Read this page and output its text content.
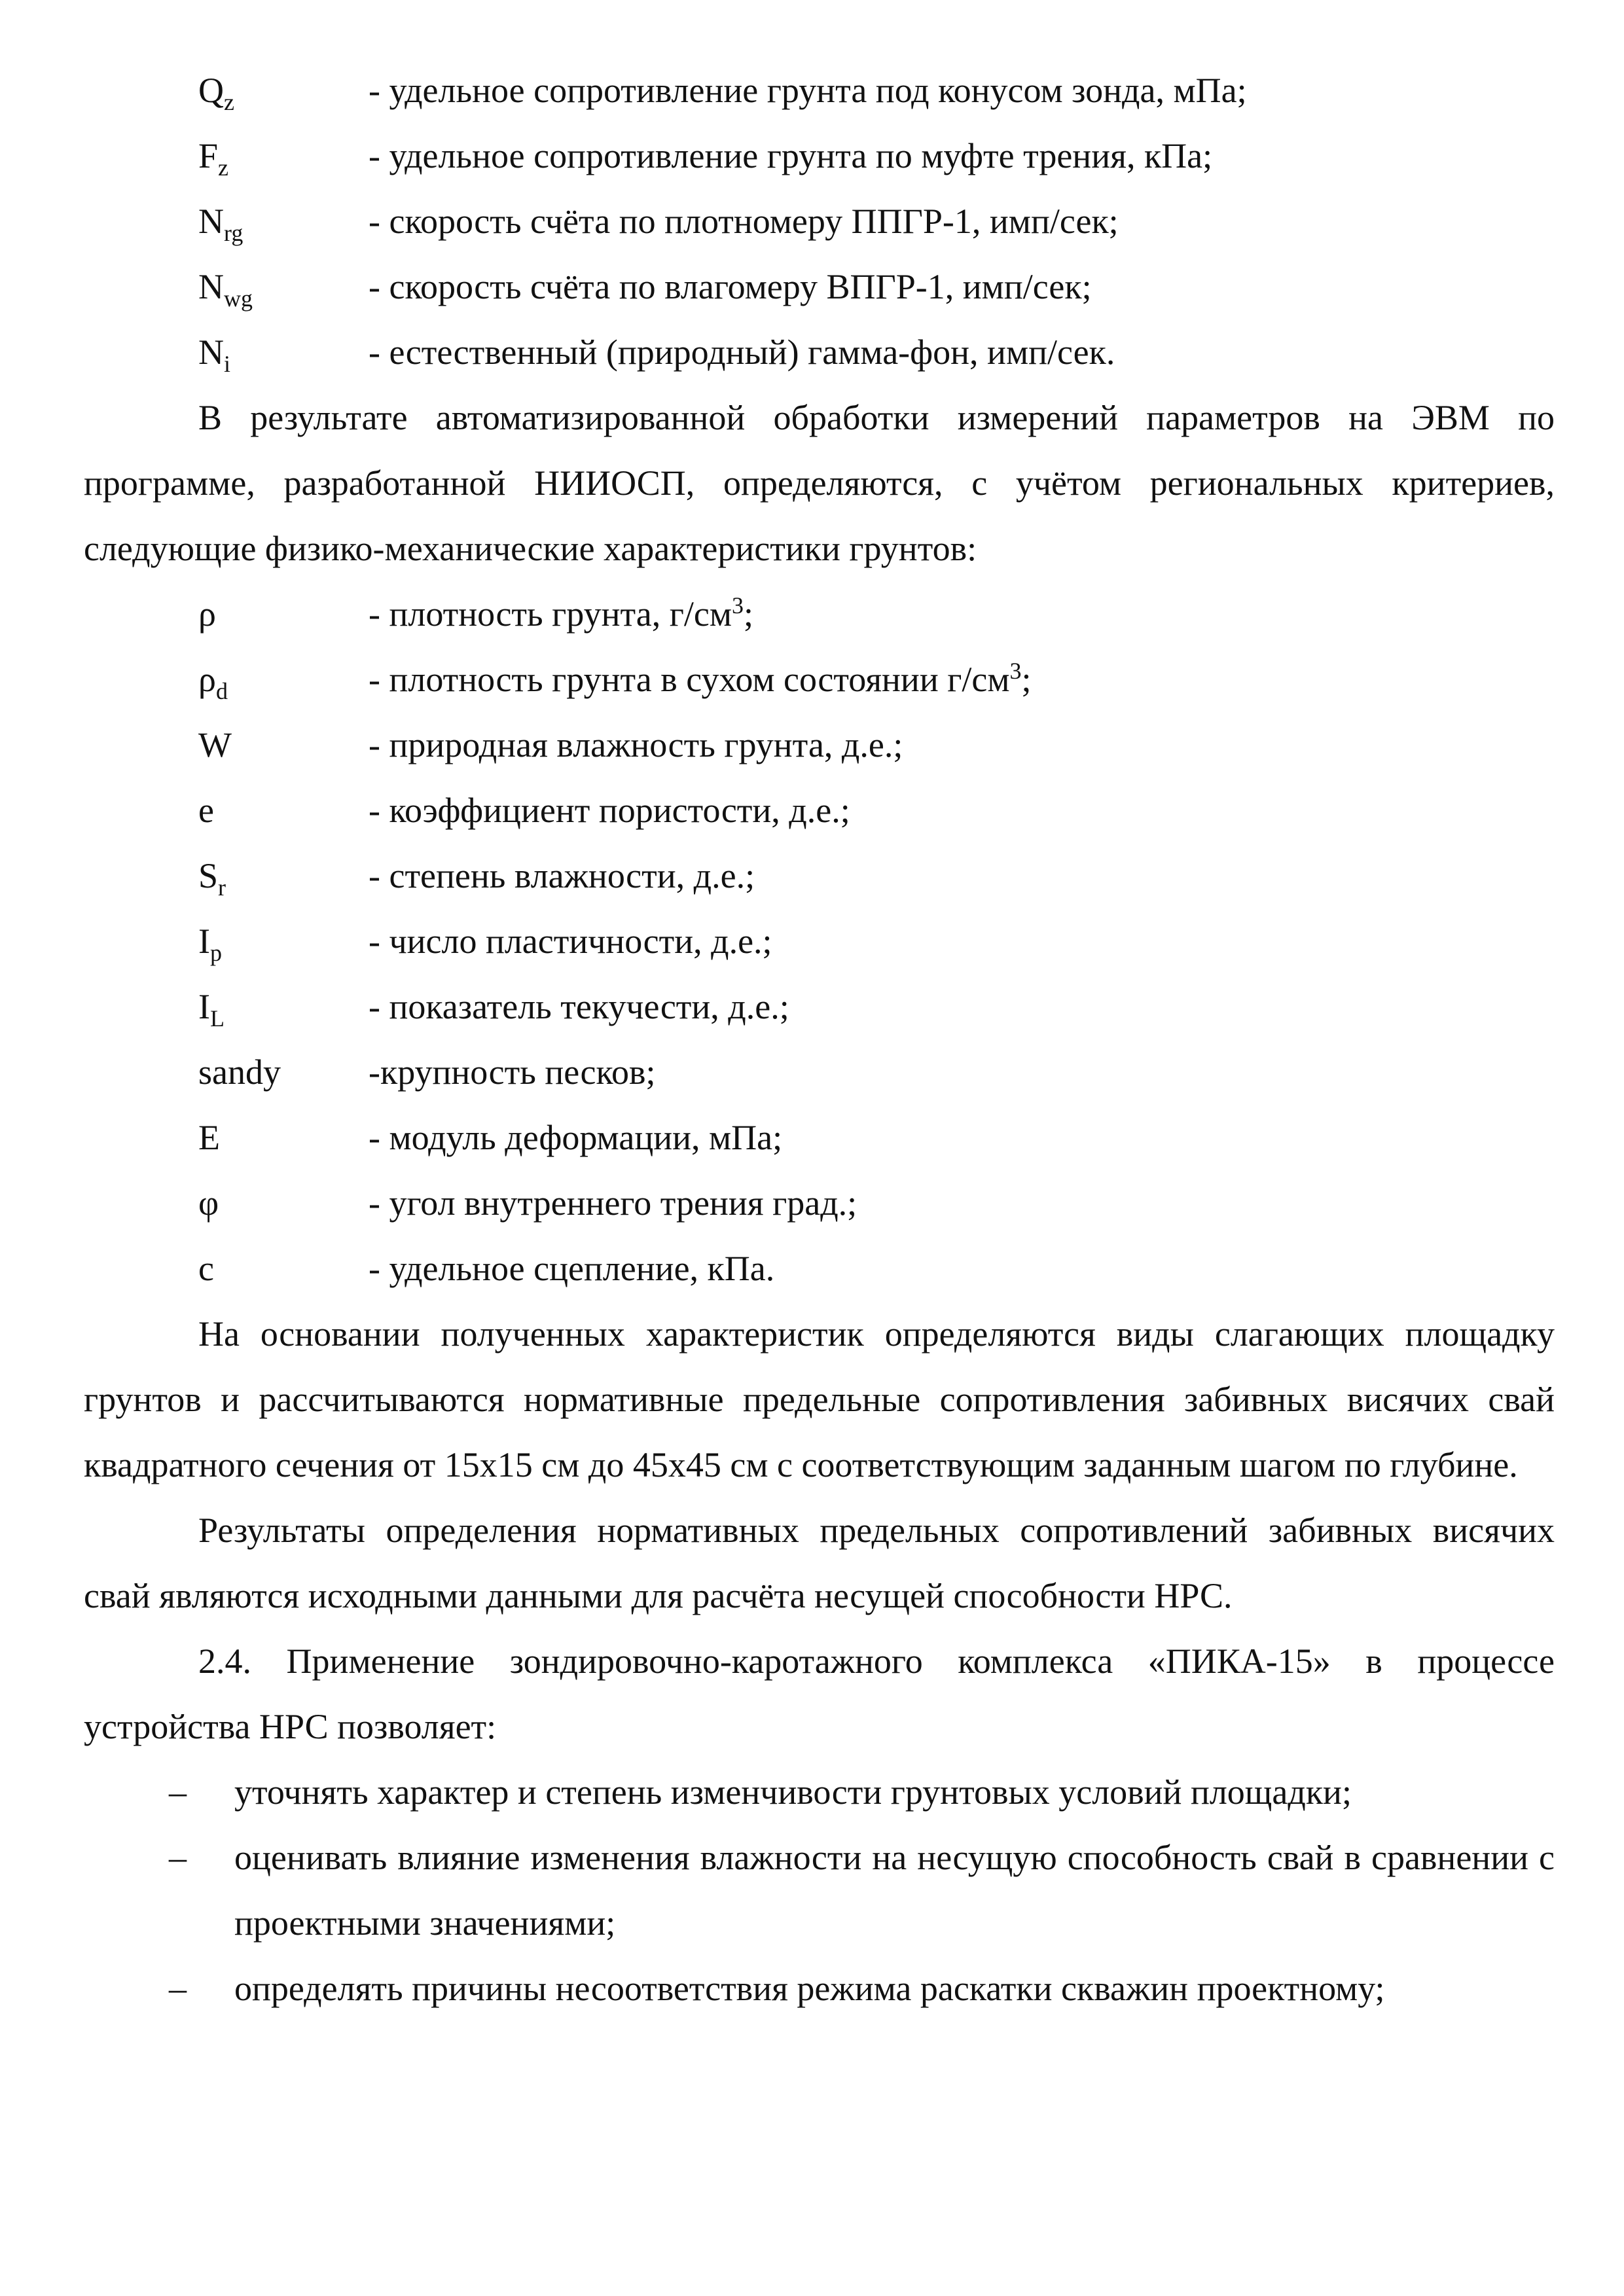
$Q_z$	- удельное сопротивление грунта под конусом зонда, мПа;
$F_z$	- удельное сопротивление грунта по муфте трения, кПа;
$N_{rg}$	- скорость счёта по плотномеру ППГР-1, имп/сек;
$N_{wg}$	- скорость счёта по влагомеру ВПГР-1, имп/сек;
$N_i$	- естественный (природный) гамма-фон, имп/сек.

В результате автоматизированной обработки измерений параметров на ЭВМ по программе, разработанной НИИОСП, определяются, с учётом региональных критериев, следующие физико-механические характеристики грунтов:

ρ	- плотность грунта, $г/см^3$;
$\rho_d$	- плотность грунта в сухом состоянии $г/см^3$;
W	- природная влажность грунта, д.е.;
e	- коэффициент пористости, д.е.;
$S_r$	- степень влажности, д.е.;
$I_p$	- число пластичности, д.е.;
$I_L$	- показатель текучести, д.е.;
sandy	-крупность песков;
E	- модуль деформации, мПа;
φ	- угол внутреннего трения град.;
c	- удельное сцепление, кПа.

На основании полученных характеристик определяются виды слагающих площадку грунтов и рассчитываются нормативные предельные сопротивления забивных висячих свай квадратного сечения от 15х15 см до 45х45 см с соответствующим заданным шагом по глубине.

Результаты определения нормативных предельных сопротивлений забивных висячих свай являются исходными данными для расчёта несущей способности НРС.

2.4. Применение зондировочно-каротажного комплекса «ПИКА-15» в процессе устройства НРС позволяет:

–	уточнять характер и степень изменчивости грунтовых условий площадки;
–	оценивать влияние изменения влажности на несущую способность свай в сравнении с проектными значениями;
–	определять причины несоответствия режима раскатки скважин проектному;
